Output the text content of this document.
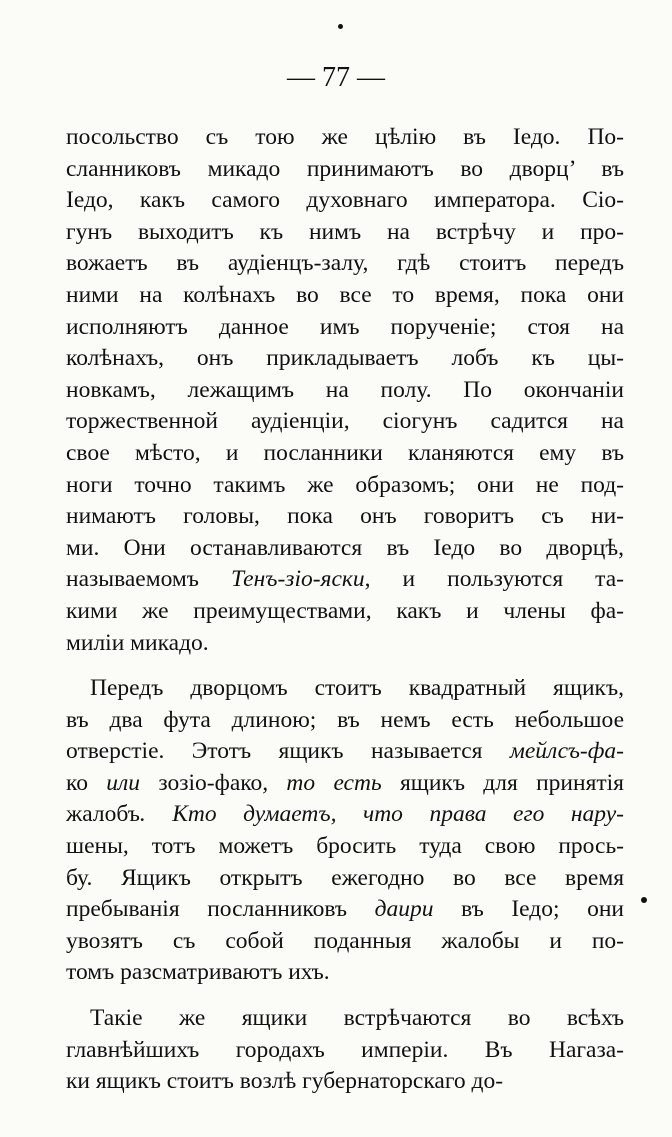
— 77 —
посольство съ тою же цѣлію въ Іедо. По-
сланниковъ микадо принимаютъ во дворц’ въ
Іедо, какъ самого духовнаго императора. Сіо-
гунъ выходитъ къ нимъ на встрѣчу и про-
вожаетъ въ аудіенцъ-залу, гдѣ стоитъ передъ
ними на колѣнахъ во все то время, пока они
исполняютъ данное имъ порученіе; стоя на
колѣнахъ, онъ прикладываетъ лобъ къ цы-
новкамъ, лежащимъ на полу. По окончаніи
торжественной аудіенціи, сіогунъ садится на
свое мѣсто, и посланники кланяются ему въ
ноги точно такимъ же образомъ; они не под-
нимаютъ головы, пока онъ говоритъ съ ни-
ми. Они останавливаются въ Іедо во дворцѣ,
называемомъ Тенъ-зіо-яски, и пользуются та-
кими же преимуществами, какъ и члены фа-
миліи микадо.
Передъ дворцомъ стоитъ квадратный ящикъ,
въ два фута длиною; въ немъ есть небольшое
отверстіе. Этотъ ящикъ называется мейлсъ-фа-
ко или зозіо-фако, то есть ящикъ для принятія
жалобъ. Кто думаетъ, что права его нару-
шены, тотъ можетъ бросить туда свою прось-
бу. Ящикъ открытъ ежегодно во все время
пребыванія посланниковъ даири въ Іедо; они
увозятъ съ собой поданныя жалобы и по-
томъ разсматриваютъ ихъ.
Такіе же ящики встрѣчаются во всѣхъ
главнѣйшихъ городахъ имперіи. Въ Нагаза-
ки ящикъ стоитъ возлѣ губернаторскаго до-
